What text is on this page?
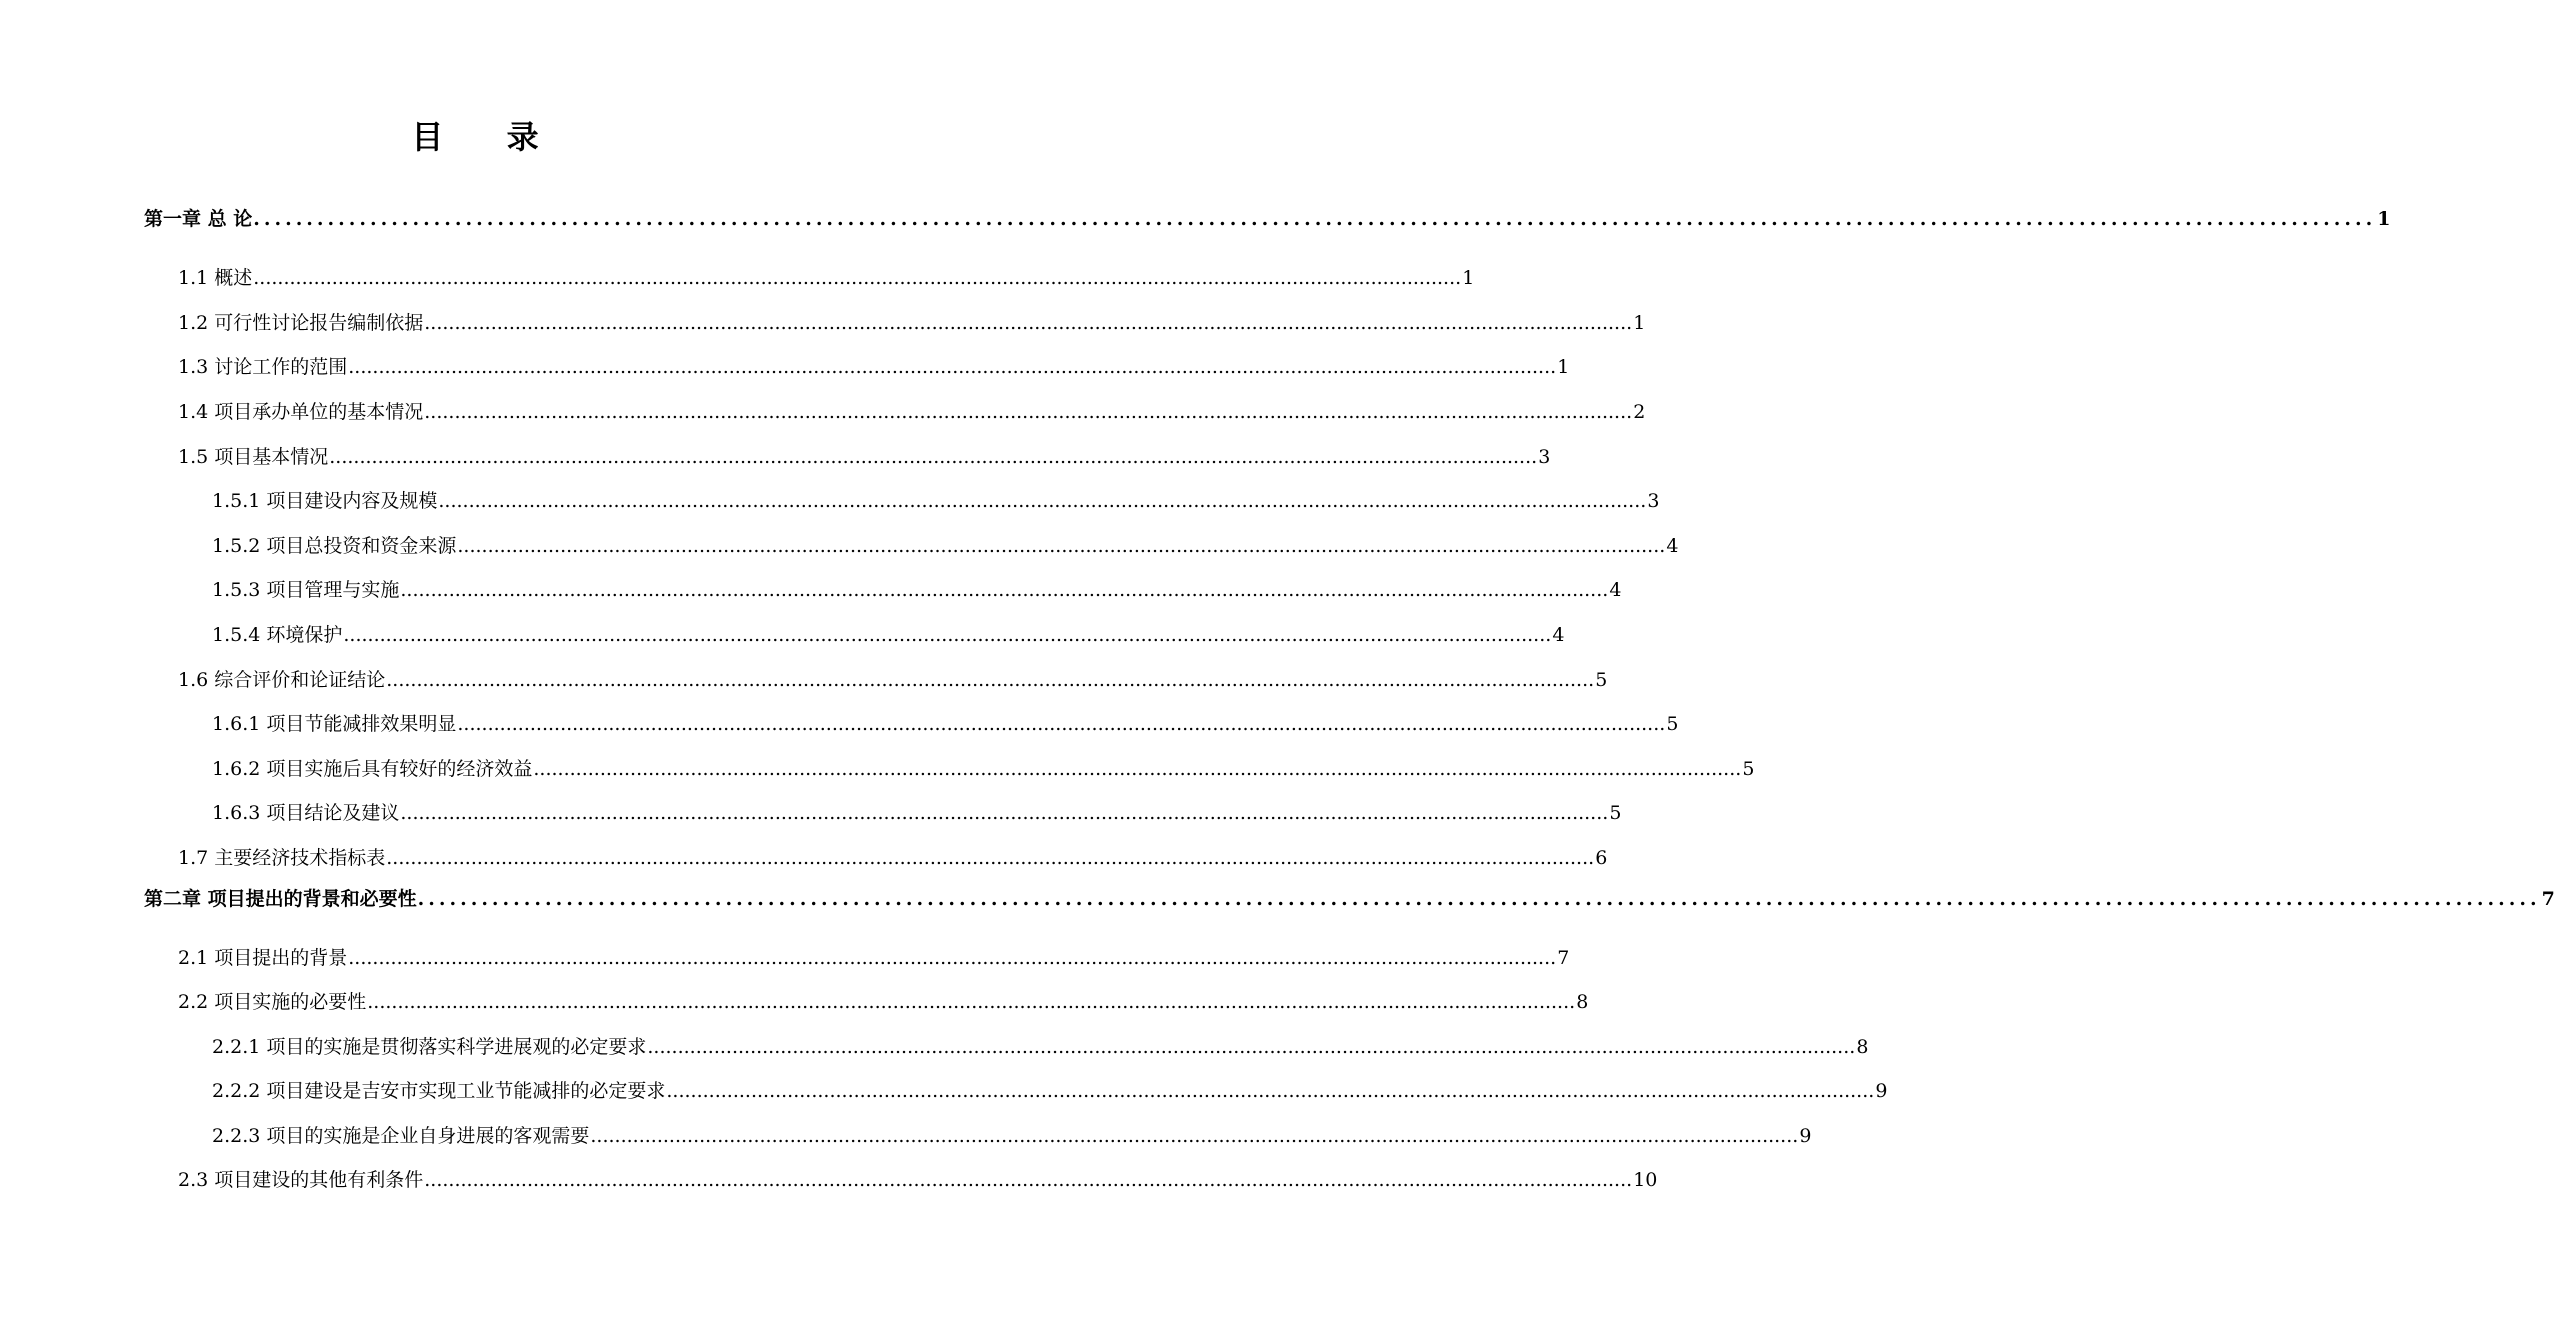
目 录
第一章 总 论 ........................................................................................................................................................................................................ 1
1.1 概述 ........................................................................................................................................................................................................ 1
1.2 可行性讨论报告编制依据 ........................................................................................................................................................................................................ 1
1.3 讨论工作的范围 ........................................................................................................................................................................................................ 1
1.4 项目承办单位的基本情况 ........................................................................................................................................................................................................ 2
1.5 项目基本情况 ........................................................................................................................................................................................................ 3
1.5.1 项目建设内容及规模 ........................................................................................................................................................................................................ 3
1.5.2 项目总投资和资金来源 ........................................................................................................................................................................................................ 4
1.5.3 项目管理与实施 ........................................................................................................................................................................................................ 4
1.5.4 环境保护 ........................................................................................................................................................................................................ 4
1.6 综合评价和论证结论 ........................................................................................................................................................................................................ 5
1.6.1 项目节能减排效果明显 ........................................................................................................................................................................................................ 5
1.6.2 项目实施后具有较好的经济效益 ........................................................................................................................................................................................................ 5
1.6.3 项目结论及建议 ........................................................................................................................................................................................................ 5
1.7 主要经济技术指标表 ........................................................................................................................................................................................................ 6
第二章 项目提出的背景和必要性 ........................................................................................................................................................................................................ 7
2.1 项目提出的背景 ........................................................................................................................................................................................................ 7
2.2 项目实施的必要性 ........................................................................................................................................................................................................ 8
2.2.1 项目的实施是贯彻落实科学进展观的必定要求 ........................................................................................................................................................................................................ 8
2.2.2 项目建设是吉安市实现工业节能减排的必定要求 ........................................................................................................................................................................................................ 9
2.2.3 项目的实施是企业自身进展的客观需要 ........................................................................................................................................................................................................ 9
2.3 项目建设的其他有利条件 ........................................................................................................................................................................................................ 10
